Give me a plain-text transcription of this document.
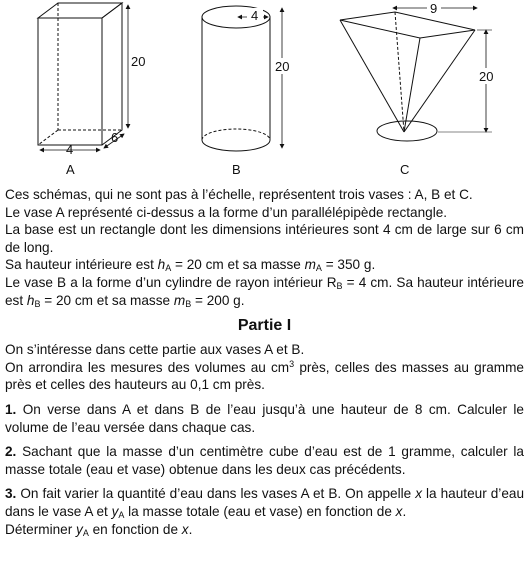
20
4
6
A
4
20
B
9
20
C

Ces schémas, qui ne sont pas à l’échelle, représentent trois vases : A, B et C.

Le vase A représenté ci-dessus a la forme d’un parallélépipède rectangle.

La base est un rectangle dont les dimensions intérieures sont 4 cm de large sur 6 cm de long.

Sa hauteur intérieure est $h_A = 20$ cm et sa masse $m_A = 350$ g.

Le vase B a la forme d’un cylindre de rayon intérieur $R_B = 4$ cm. Sa hauteur intérieure est $h_B = 20$ cm et sa masse $m_B = 200$ g.

Partie I

On s’intéresse dans cette partie aux vases A et B.

On arrondira les mesures des volumes au $cm^3$ près, celles des masses au gramme près et celles des hauteurs au 0,1 cm près.

1. On verse dans A et dans B de l’eau jusqu’à une hauteur de 8 cm. Calculer le volume de l’eau versée dans chaque cas.

2. Sachant que la masse d’un centimètre cube d’eau est de 1 gramme, calculer la masse totale (eau et vase) obtenue dans les deux cas précédents.

3. On fait varier la quantité d’eau dans les vases A et B. On appelle x la hauteur d’eau dans le vase A et $y_A$ la masse totale (eau et vase) en fonction de x.
Déterminer $y_A$ en fonction de x.
